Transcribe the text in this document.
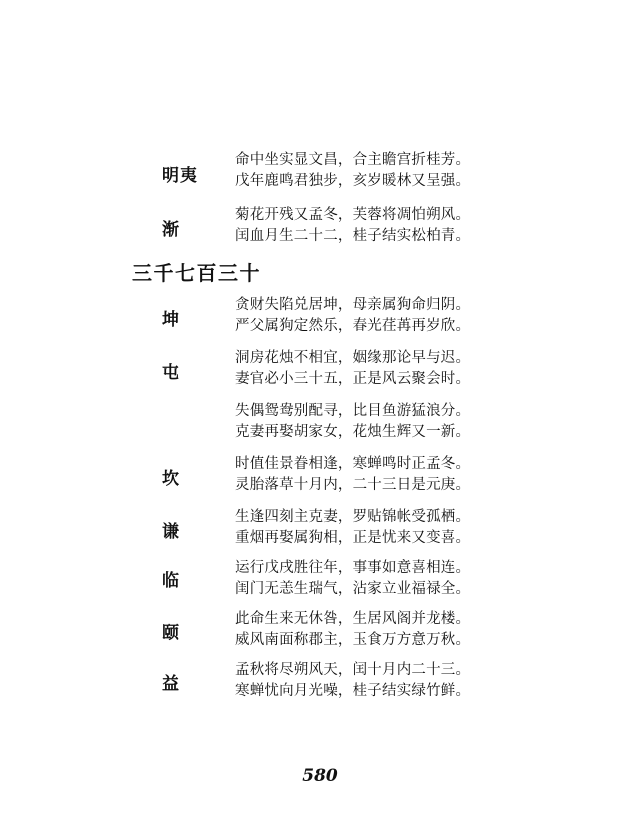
明夷
命中坐实显文昌，合主瞻宫折桂芳。
戊年鹿鸣君独步，亥岁暖林又呈强。
渐
菊花开残又孟冬，芙蓉将凋怕朔风。
闰血月生二十二，桂子结实松柏青。
三千七百三十
坤
贪财失陷兑居坤，母亲属狗命归阴。
严父属狗定然乐，春光荏苒再岁欣。
屯
洞房花烛不相宜，姻缘那论早与迟。
妻官必小三十五，正是风云聚会时。
失偶鸳鸯别配寻，比目鱼游猛浪分。
克妻再娶胡家女，花烛生辉又一新。
坎
时值佳景眷相逢，寒蝉鸣时正孟冬。
灵胎落草十月内，二十三日是元庚。
谦
生逢四刻主克妻，罗贴锦帐受孤栖。
重烟再娶属狗相，正是忧来又变喜。
临
运行戊戌胜往年，事事如意喜相连。
闺门无恙生瑞气，沾家立业福禄全。
颐
此命生来无休咎，生居风阁并龙楼。
威风南面称郡主，玉食万方意万秋。
益
孟秋将尽朔风天，闰十月内二十三。
寒蝉忧向月光噪，桂子结实绿竹鲜。
580
